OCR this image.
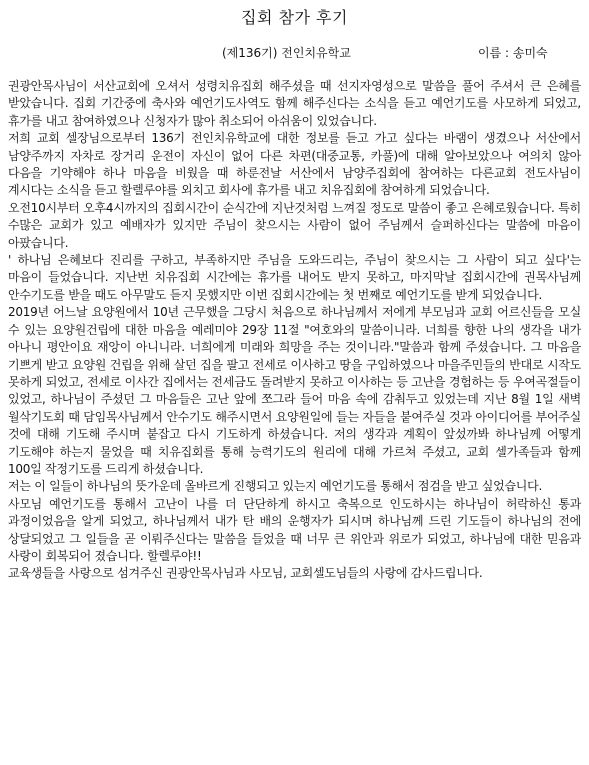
집회 참가 후기
(제136기) 전인치유학교	이름 : 송미숙

권광안목사님이 서산교회에 오셔서 성령치유집회 해주셨을 때 선지자영성으로 말씀을 풀어 주셔서 큰 은혜를 받았습니다. 집회 기간중에 축사와 예언기도사역도 함께 해주신다는 소식을 듣고 예언기도를 사모하게 되었고, 휴가를 내고 참여하였으나 신청자가 많아 취소되어 아쉬움이 있었습니다.

저희 교회 셀장님으로부터 136기 전인치유학교에 대한 정보를 듣고 가고 싶다는 바램이 생겼으나 서산에서 남양주까지 자차로 장거리 운전이 자신이 없어 다른 차편(대중교통, 카풀)에 대해 알아보았으나 여의치 않아 다음을 기약해야 하나 마음을 비웠을 때 하룬전날 서산에서 남양주집회에 참여하는 다른교회 전도사님이 계시다는 소식을 듣고 할렐루야를 외치고 회사에 휴가를 내고 치유집회에 참여하게 되었습니다.

오전10시부터 오후4시까지의 집회시간이 순식간에 지난것처럼 느껴질 정도로 말씀이 좋고 은혜로웠습니다. 특히 수많은 교회가 있고 예배자가 있지만 주님이 찾으시는 사람이 없어 주님께서 슬퍼하신다는 말씀에 마음이 아팠습니다.

' 하나님 은혜보다 진리를 구하고, 부족하지만 주님을 도와드리는, 주님이 찾으시는 그 사람이 되고 싶다'는 마음이 들었습니다. 지난번 치유집회 시간에는 휴가를 내어도 받지 못하고, 마지막날 집회시간에 권목사님께 안수기도를 받을 때도 아무말도 듣지 못했지만 이번 집회시간에는 첫 번째로 예언기도를 받게 되었습니다.

2019년 어느날 요양원에서 10년 근무했을 그당시 처음으로 하나님께서 저에게 부모님과 교회 어르신들을 모실 수 있는 요양원건립에 대한 마음을 예레미야 29장 11절 "여호와의 말씀이니라. 너희를 향한 나의 생각을 내가 아나니 평안이요 재앙이 아니니라. 너희에게 미래와 희망을 주는 것이니라."말씀과 함께 주셨습니다. 그 마음을 기쁘게 받고 요양원 건립을 위해 살던 집을 팔고 전세로 이사하고 땅을 구입하였으나 마을주민들의 반대로 시작도 못하게 되었고, 전세로 이사간 집에서는 전세금도 돌려받지 못하고 이사하는 등 고난을 경험하는 등 우여곡절들이 있었고, 하나님이 주셨던 그 마음들은 고난 앞에 쪼그라 들어 마음 속에 감춰두고 있었는데 지난 8월 1일 새벽 월삭기도회 때 담임목사님께서 안수기도 해주시면서 요양원일에 들는 자들을 붙여주실 것과 아이디어를 부어주실 것에 대해 기도해 주시며 붙잡고 다시 기도하게 하셨습니다. 저의 생각과 계획이 앞섰까봐 하나님께 어떻게 기도해야 하는지 물었을 때 치유집회를 통해 능력기도의 원리에 대해 가르쳐 주셨고, 교회 셀가족들과 함께 100일 작정기도를 드리게 하셨습니다.

저는 이 일들이 하나님의 뜻가운데 올바르게 진행되고 있는지 예언기도를 통해서 점검을 받고 싶었습니다.

사모님 예언기도를 통해서 고난이 나를 더 단단하게 하시고 축복으로 인도하시는 하나님이 허락하신 통과 과정이었음을 알게 되었고, 하나님께서 내가 탄 배의 운행자가 되시며 하나님께 드린 기도들이 하나님의 전에 상달되었고 그 일들을 곧 이뤄주신다는 말씀을 들었을 때 너무 큰 위안과 위로가 되었고, 하나님에 대한 믿음과 사랑이 회복되어 졌습니다. 할렐루야!!

교육생들을 사랑으로 섬겨주신 권광안목사님과 사모님, 교회셀도님들의 사랑에 감사드립니다.
